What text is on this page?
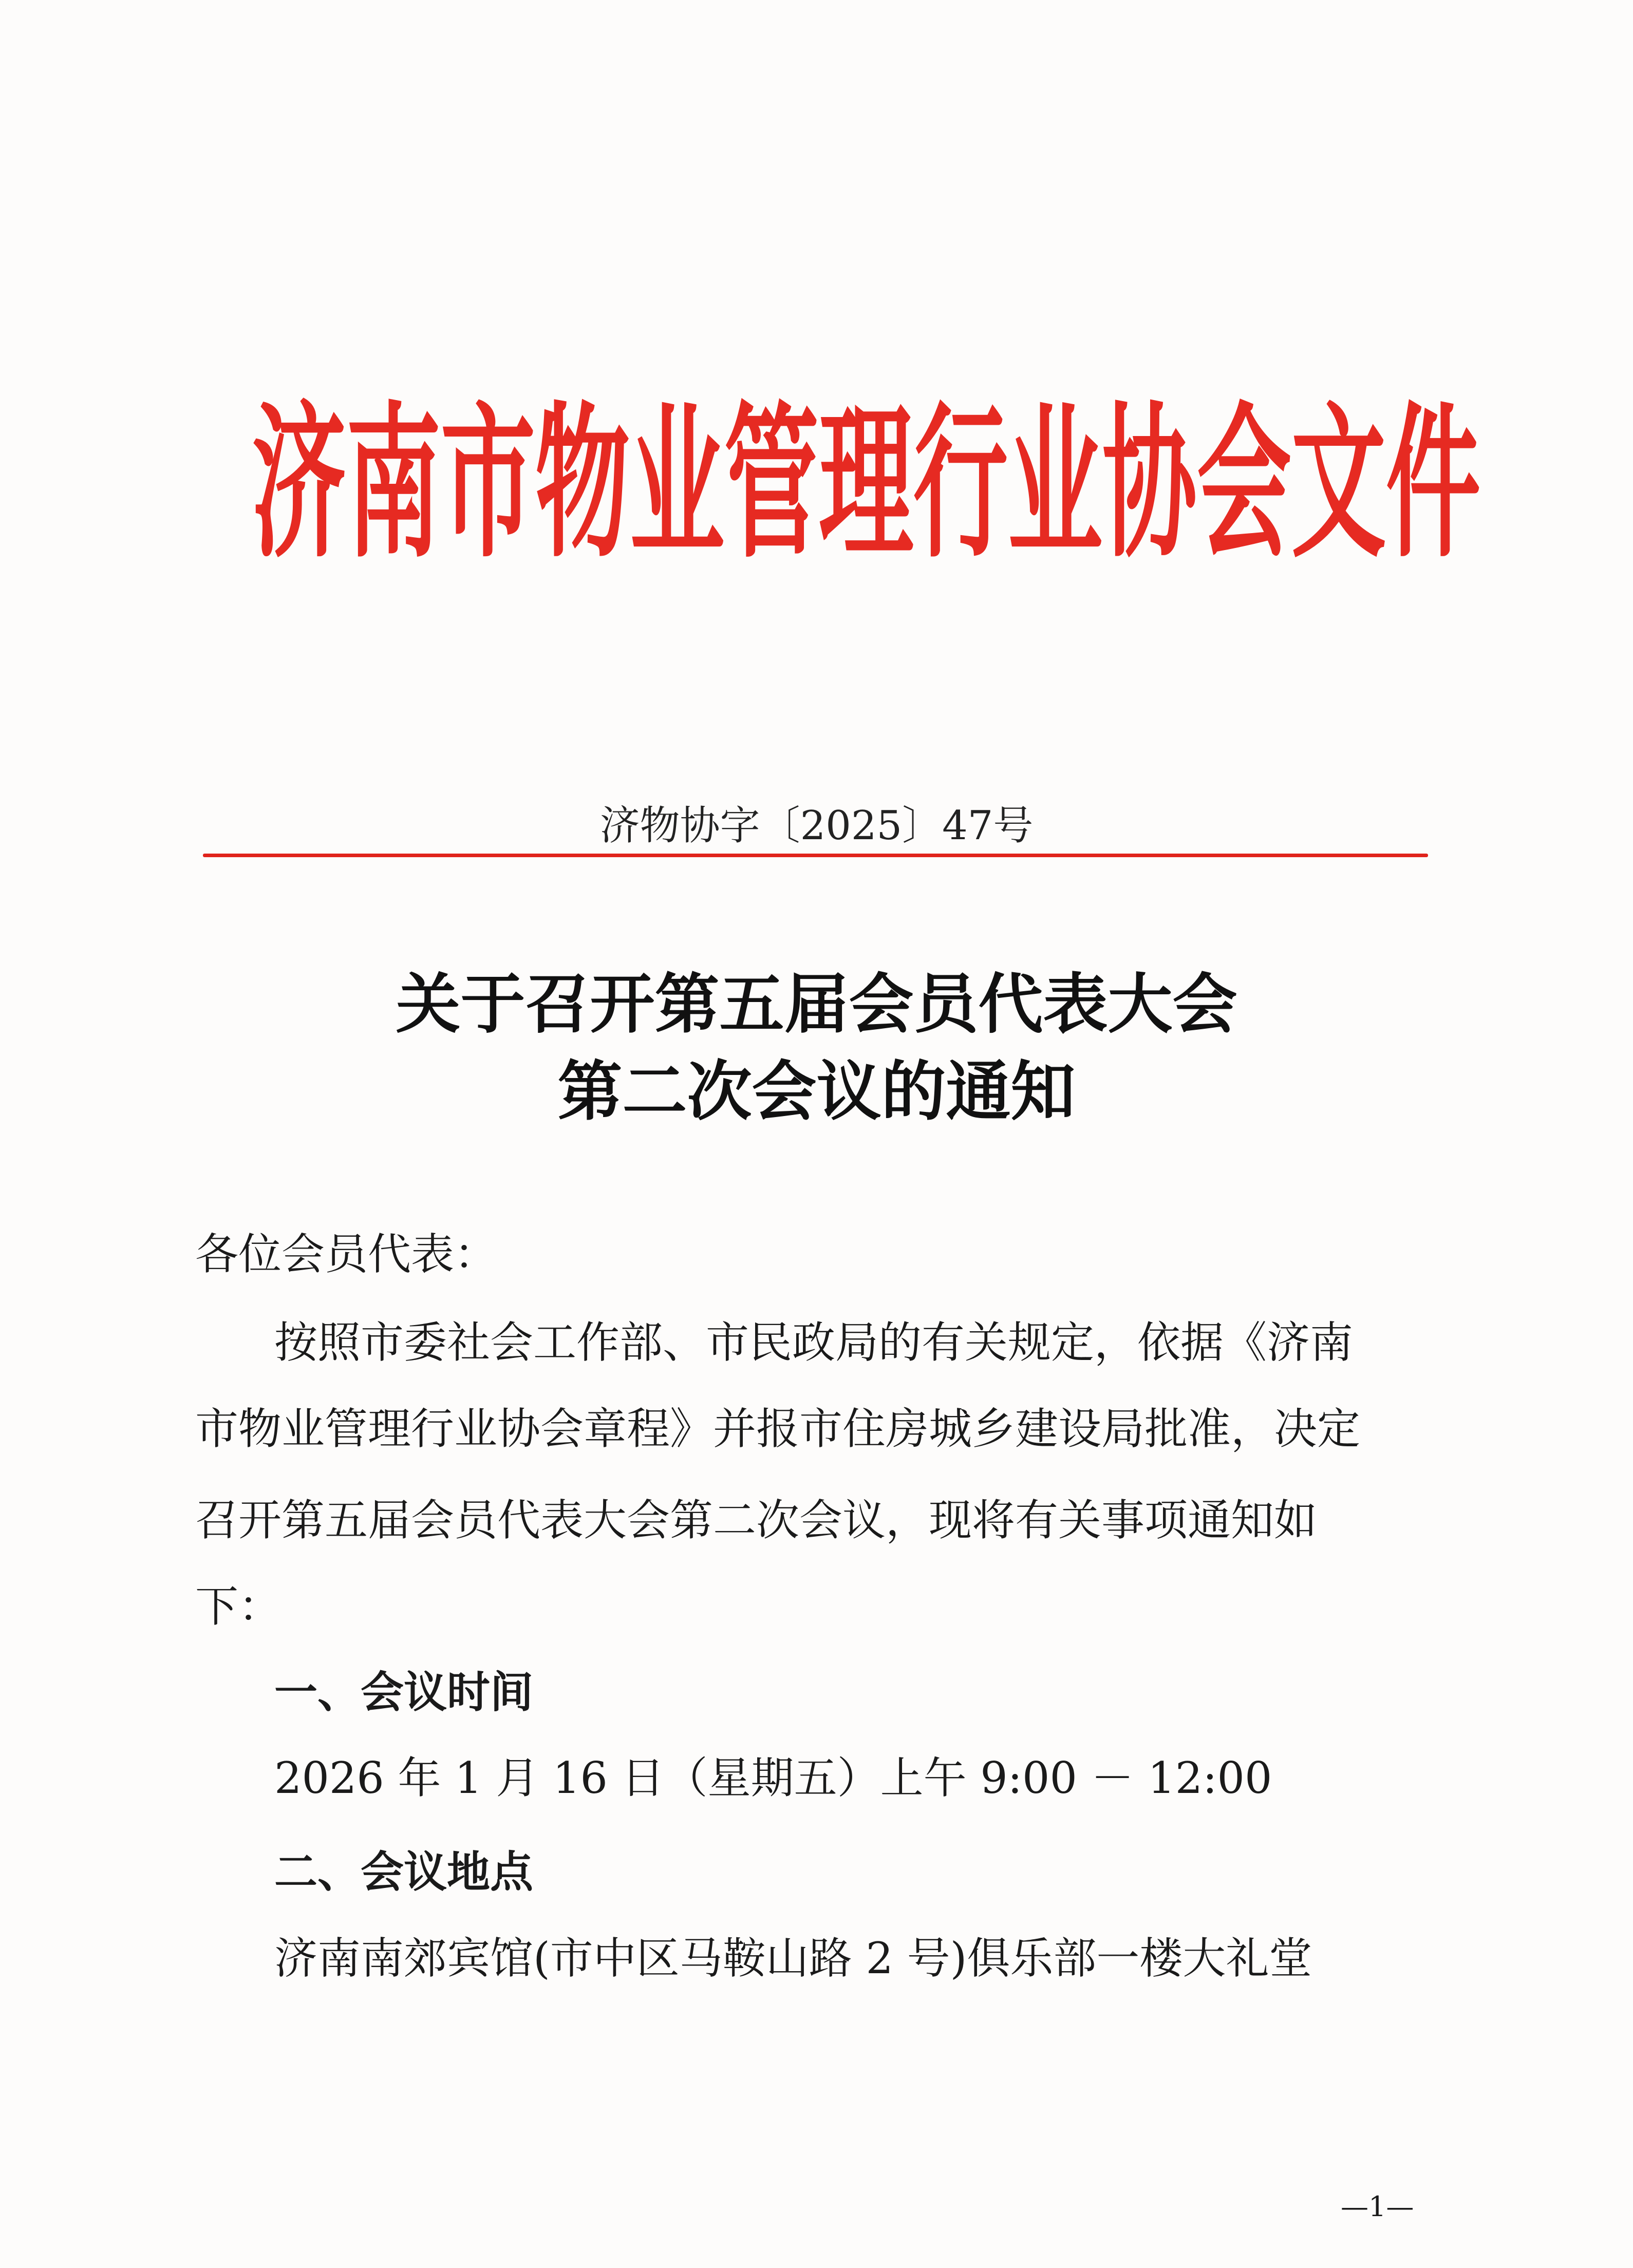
济南市物业管理行业协会文件
济物协字〔2025〕47号
关于召开第五届会员代表大会
第二次会议的通知
各位会员代表：
按照市委社会工作部、市民政局的有关规定，依据《济南
市物业管理行业协会章程》并报市住房城乡建设局批准，决定
召开第五届会员代表大会第二次会议，现将有关事项通知如
下：
一、会议时间
2026 年 1 月 16 日（星期五）上午 9:00 － 12:00
二、会议地点
济南南郊宾馆(市中区马鞍山路 2 号)俱乐部一楼大礼堂
—1—
